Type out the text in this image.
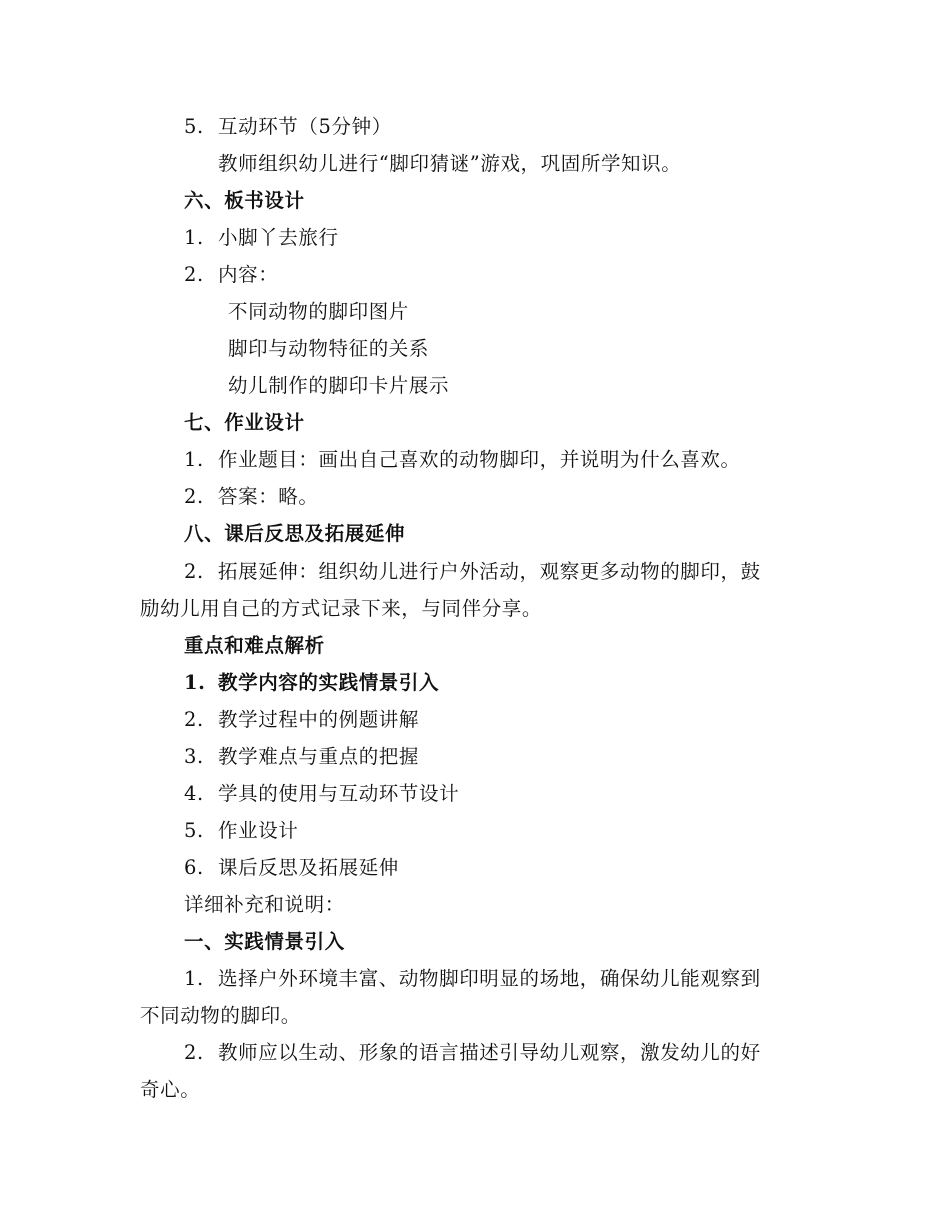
5. 互动环节（5分钟）
教师组织幼儿进行“脚印猜谜”游戏，巩固所学知识。
六、板书设计
1. 小脚丫去旅行
2. 内容：
不同动物的脚印图片
脚印与动物特征的关系
幼儿制作的脚印卡片展示
七、作业设计
1. 作业题目：画出自己喜欢的动物脚印，并说明为什么喜欢。
2. 答案：略。
八、课后反思及拓展延伸
2. 拓展延伸：组织幼儿进行户外活动，观察更多动物的脚印，鼓
励幼儿用自己的方式记录下来，与同伴分享。
重点和难点解析
1. 教学内容的实践情景引入
2. 教学过程中的例题讲解
3. 教学难点与重点的把握
4. 学具的使用与互动环节设计
5. 作业设计
6. 课后反思及拓展延伸
详细补充和说明：
一、实践情景引入
1. 选择户外环境丰富、动物脚印明显的场地，确保幼儿能观察到
不同动物的脚印。
2. 教师应以生动、形象的语言描述引导幼儿观察，激发幼儿的好
奇心。
